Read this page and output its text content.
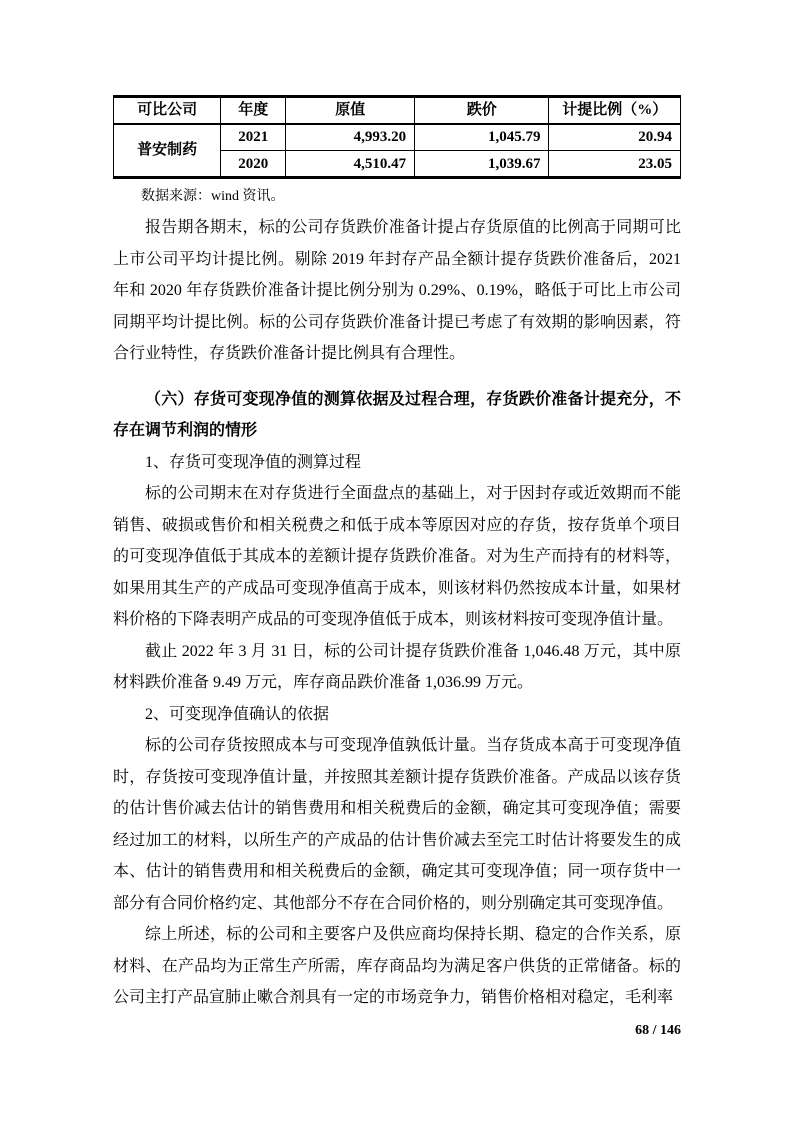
可比公司	年度	原值	跌价	计提比例（%）
普安制药	2021	4,993.20	1,045.79	20.94
	2020	4,510.47	1,039.67	23.05
数据来源：wind 资讯。

报告期各期末，标的公司存货跌价准备计提占存货原值的比例高于同期可比上市公司平均计提比例。剔除 2019 年封存产品全额计提存货跌价准备后，2021 年和 2020 年存货跌价准备计提比例分别为 0.29%、0.19%，略低于可比上市公司同期平均计提比例。标的公司存货跌价准备计提已考虑了有效期的影响因素，符合行业特性，存货跌价准备计提比例具有合理性。

（六）存货可变现净值的测算依据及过程合理，存货跌价准备计提充分，不存在调节利润的情形
1、存货可变现净值的测算过程

标的公司期末在对存货进行全面盘点的基础上，对于因封存或近效期而不能销售、破损或售价和相关税费之和低于成本等原因对应的存货，按存货单个项目的可变现净值低于其成本的差额计提存货跌价准备。对为生产而持有的材料等，如果用其生产的产成品可变现净值高于成本，则该材料仍然按成本计量，如果材料价格的下降表明产成品的可变现净值低于成本，则该材料按可变现净值计量。

截止 2022 年 3 月 31 日，标的公司计提存货跌价准备 1,046.48 万元，其中原材料跌价准备 9.49 万元，库存商品跌价准备 1,036.99 万元。

2、可变现净值确认的依据

标的公司存货按照成本与可变现净值孰低计量。当存货成本高于可变现净值时，存货按可变现净值计量，并按照其差额计提存货跌价准备。产成品以该存货的估计售价减去估计的销售费用和相关税费后的金额，确定其可变现净值；需要经过加工的材料，以所生产的产成品的估计售价减去至完工时估计将要发生的成本、估计的销售费用和相关税费后的金额，确定其可变现净值；同一项存货中一部分有合同价格约定、其他部分不存在合同价格的，则分别确定其可变现净值。

综上所述，标的公司和主要客户及供应商均保持长期、稳定的合作关系，原材料、在产品均为正常生产所需，库存商品均为满足客户供货的正常储备。标的公司主打产品宣肺止嗽合剂具有一定的市场竞争力，销售价格相对稳定，毛利率

68 / 146
